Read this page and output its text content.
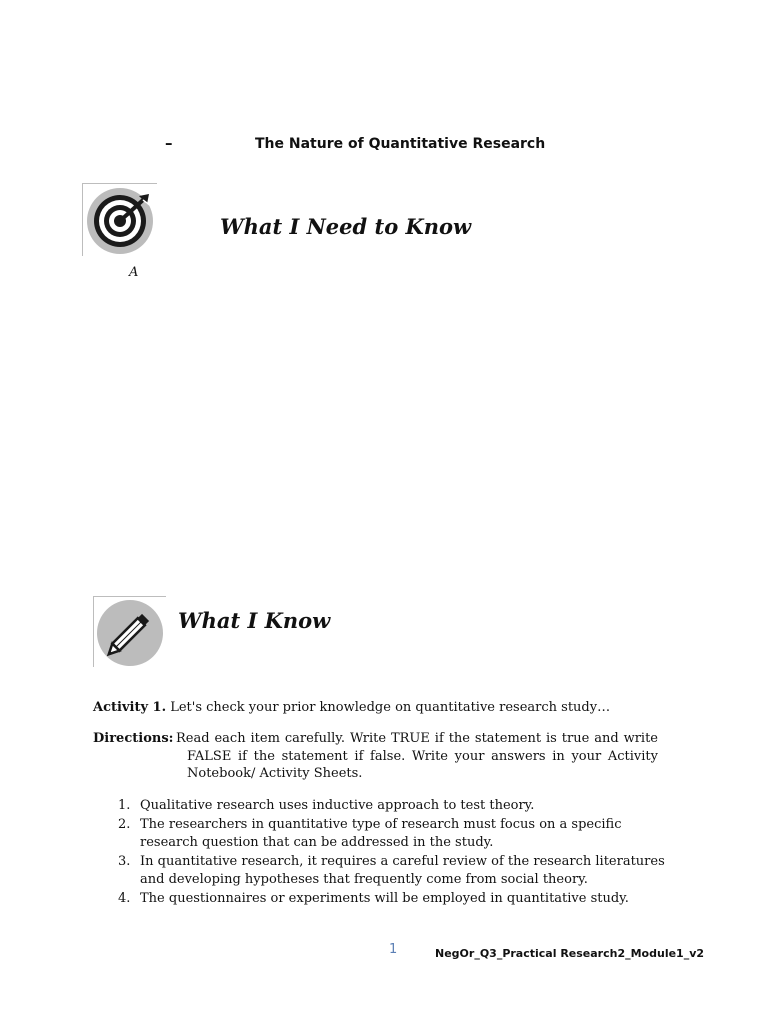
–	The Nature of Quantitative Research
What I Need to Know
A
What I Know
Activity 1. Let's check your prior knowledge on quantitative research study…
Directions: Read each item carefully. Write TRUE if the statement is true and write
FALSE if the statement if false. Write your answers in your Activity
Notebook/ Activity Sheets.
1. Qualitative research uses inductive approach to test theory.
2. The researchers in quantitative type of research must focus on a specific research question that can be addressed in the study.
3. In quantitative research, it requires a careful review of the research literatures and developing hypotheses that frequently come from social theory.
4. The questionnaires or experiments will be employed in quantitative study.
1	NegOr_Q3_Practical Research2_Module1_v2
